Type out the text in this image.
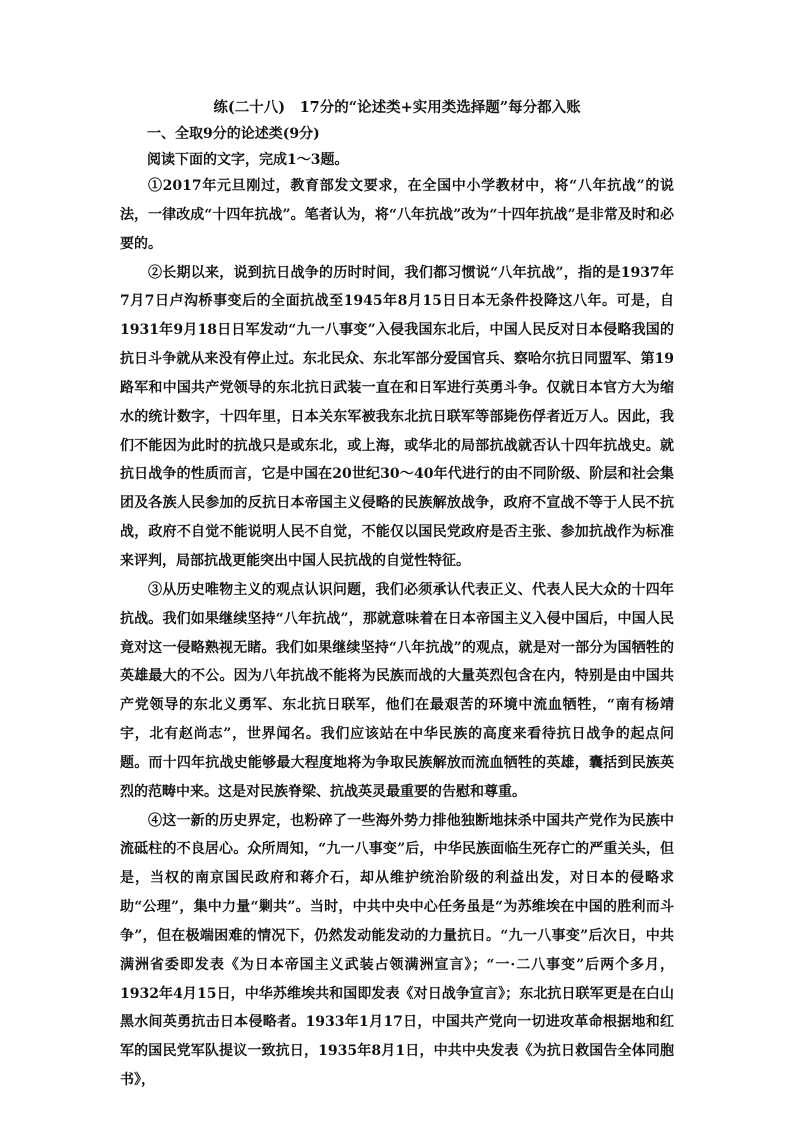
练(二十八)　17分的“论述类+实用类选择题”每分都入账
一、全取9分的论述类(9分)
阅读下面的文字，完成1～3题。

①2017年元旦刚过，教育部发文要求，在全国中小学教材中，将“八年抗战”的说法，一律改成“十四年抗战”。笔者认为，将“八年抗战”改为“十四年抗战”是非常及时和必要的。

②长期以来，说到抗日战争的历时时间，我们都习惯说“八年抗战”，指的是1937年7月7日卢沟桥事变后的全面抗战至1945年8月15日日本无条件投降这八年。可是，自1931年9月18日日军发动“九一八事变”入侵我国东北后，中国人民反对日本侵略我国的抗日斗争就从来没有停止过。东北民众、东北军部分爱国官兵、察哈尔抗日同盟军、第19路军和中国共产党领导的东北抗日武装一直在和日军进行英勇斗争。仅就日本官方大为缩水的统计数字，十四年里，日本关东军被我东北抗日联军等部毙伤俘者近万人。因此，我们不能因为此时的抗战只是或东北，或上海，或华北的局部抗战就否认十四年抗战史。就抗日战争的性质而言，它是中国在20世纪30～40年代进行的由不同阶级、阶层和社会集团及各族人民参加的反抗日本帝国主义侵略的民族解放战争，政府不宣战不等于人民不抗战，政府不自觉不能说明人民不自觉，不能仅以国民党政府是否主张、参加抗战作为标准来评判，局部抗战更能突出中国人民抗战的自觉性特征。

③从历史唯物主义的观点认识问题，我们必须承认代表正义、代表人民大众的十四年抗战。我们如果继续坚持“八年抗战”，那就意味着在日本帝国主义入侵中国后，中国人民竟对这一侵略熟视无睹。我们如果继续坚持“八年抗战”的观点，就是对一部分为国牺牲的英雄最大的不公。因为八年抗战不能将为民族而战的大量英烈包含在内，特别是由中国共产党领导的东北义勇军、东北抗日联军，他们在最艰苦的环境中流血牺牲，“南有杨靖宇，北有赵尚志”，世界闻名。我们应该站在中华民族的高度来看待抗日战争的起点问题。而十四年抗战史能够最大程度地将为争取民族解放而流血牺牲的英雄，囊括到民族英烈的范畴中来。这是对民族脊梁、抗战英灵最重要的告慰和尊重。

④这一新的历史界定，也粉碎了一些海外势力排他独断地抹杀中国共产党作为民族中流砥柱的不良居心。众所周知，“九一八事变”后，中华民族面临生死存亡的严重关头，但是，当权的南京国民政府和蒋介石，却从维护统治阶级的利益出发，对日本的侵略求助“公理”，集中力量“剿共”。当时，中共中央中心任务虽是“为苏维埃在中国的胜利而斗争”，但在极端困难的情况下，仍然发动能发动的力量抗日。“九一八事变”后次日，中共满洲省委即发表《为日本帝国主义武装占领满洲宣言》；“一·二八事变”后两个多月，1932年4月15日，中华苏维埃共和国即发表《对日战争宣言》；东北抗日联军更是在白山黑水间英勇抗击日本侵略者。1933年1月17日，中国共产党向一切进攻革命根据地和红军的国民党军队提议一致抗日，1935年8月1日，中共中央发表《为抗日救国告全体同胞书》，
